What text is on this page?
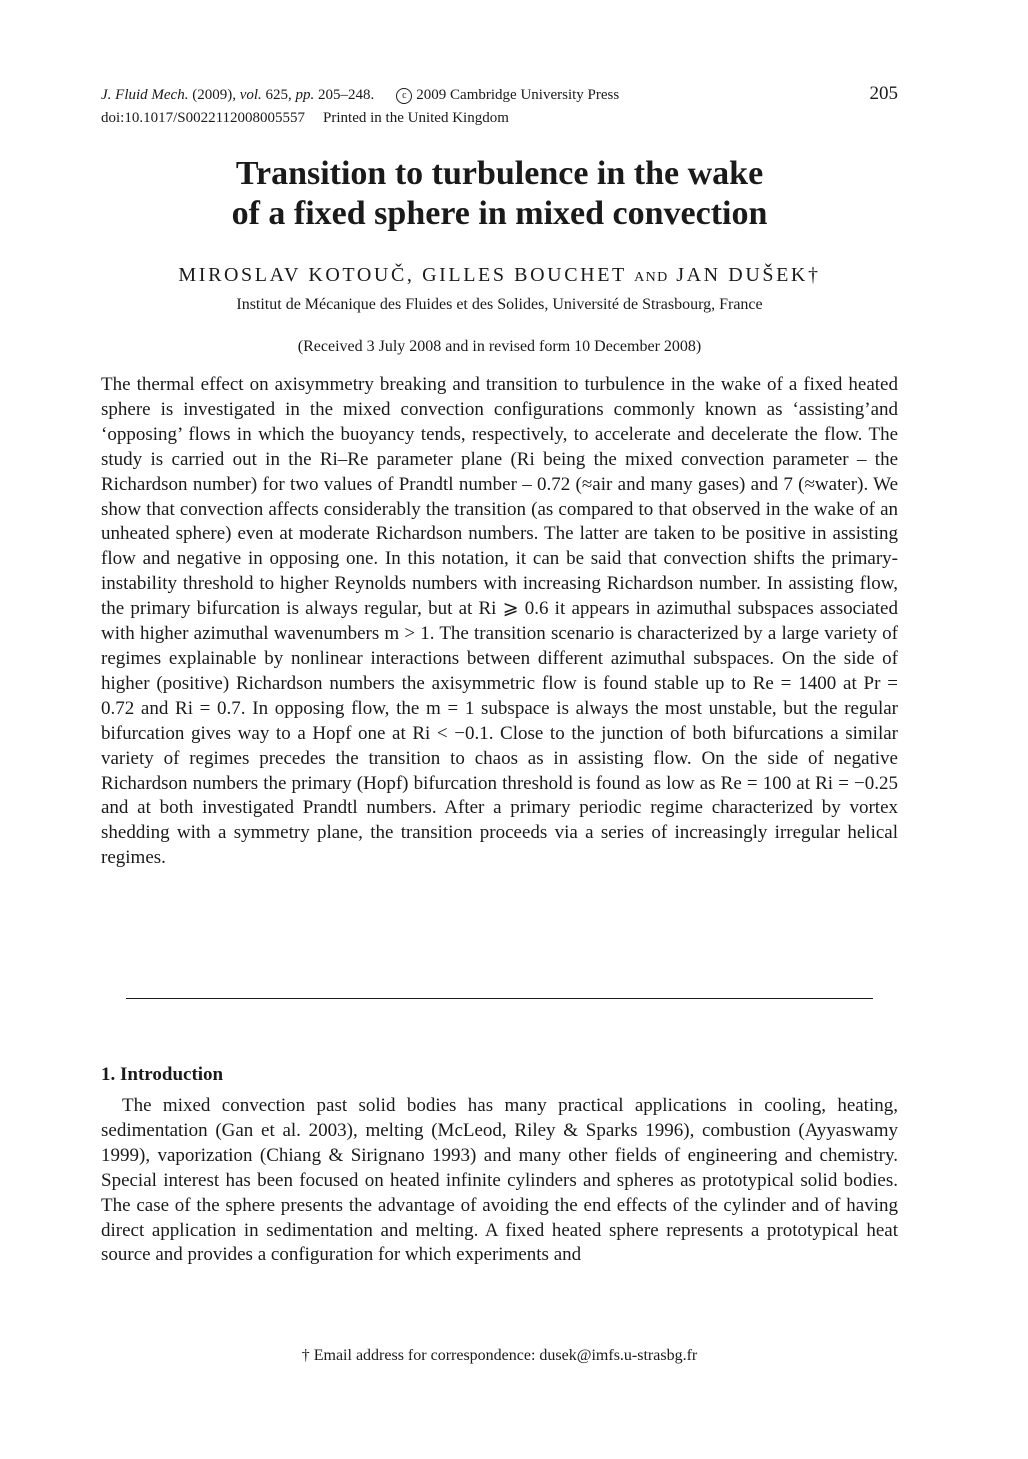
J. Fluid Mech. (2009), vol. 625, pp. 205–248.	c 2009 Cambridge University Press
doi:10.1017/S0022112008005557 Printed in the United Kingdom
205
Transition to turbulence in the wake
of a fixed sphere in mixed convection
MIROSLAV KOTOUČ, GILLES BOUCHET AND JAN DUŠEK†
Institut de Mécanique des Fluides et des Solides, Université de Strasbourg, France
(Received 3 July 2008 and in revised form 10 December 2008)
The thermal effect on axisymmetry breaking and transition to turbulence in the wake of a fixed heated sphere is investigated in the mixed convection configurations commonly known as ‘assisting’and ‘opposing’ flows in which the buoyancy tends, respectively, to accelerate and decelerate the flow. The study is carried out in the Ri–Re parameter plane (Ri being the mixed convection parameter – the Richardson number) for two values of Prandtl number – 0.72 (≈air and many gases) and 7 (≈water). We show that convection affects considerably the transition (as compared to that observed in the wake of an unheated sphere) even at moderate Richardson numbers. The latter are taken to be positive in assisting flow and negative in opposing one. In this notation, it can be said that convection shifts the primary-instability threshold to higher Reynolds numbers with increasing Richardson number. In assisting flow, the primary bifurcation is always regular, but at Ri ⩾ 0.6 it appears in azimuthal subspaces associated with higher azimuthal wavenumbers m > 1. The transition scenario is characterized by a large variety of regimes explainable by nonlinear interactions between different azimuthal subspaces. On the side of higher (positive) Richardson numbers the axisymmetric flow is found stable up to Re = 1400 at Pr = 0.72 and Ri = 0.7. In opposing flow, the m = 1 subspace is always the most unstable, but the regular bifurcation gives way to a Hopf one at Ri < −0.1. Close to the junction of both bifurcations a similar variety of regimes precedes the transition to chaos as in assisting flow. On the side of negative Richardson numbers the primary (Hopf) bifurcation threshold is found as low as Re = 100 at Ri = −0.25 and at both investigated Prandtl numbers. After a primary periodic regime characterized by vortex shedding with a symmetry plane, the transition proceeds via a series of increasingly irregular helical regimes.
1. Introduction
The mixed convection past solid bodies has many practical applications in cooling, heating, sedimentation (Gan et al. 2003), melting (McLeod, Riley & Sparks 1996), combustion (Ayyaswamy 1999), vaporization (Chiang & Sirignano 1993) and many other fields of engineering and chemistry. Special interest has been focused on heated infinite cylinders and spheres as prototypical solid bodies. The case of the sphere presents the advantage of avoiding the end effects of the cylinder and of having direct application in sedimentation and melting. A fixed heated sphere represents a prototypical heat source and provides a configuration for which experiments and
† Email address for correspondence: dusek@imfs.u-strasbg.fr
